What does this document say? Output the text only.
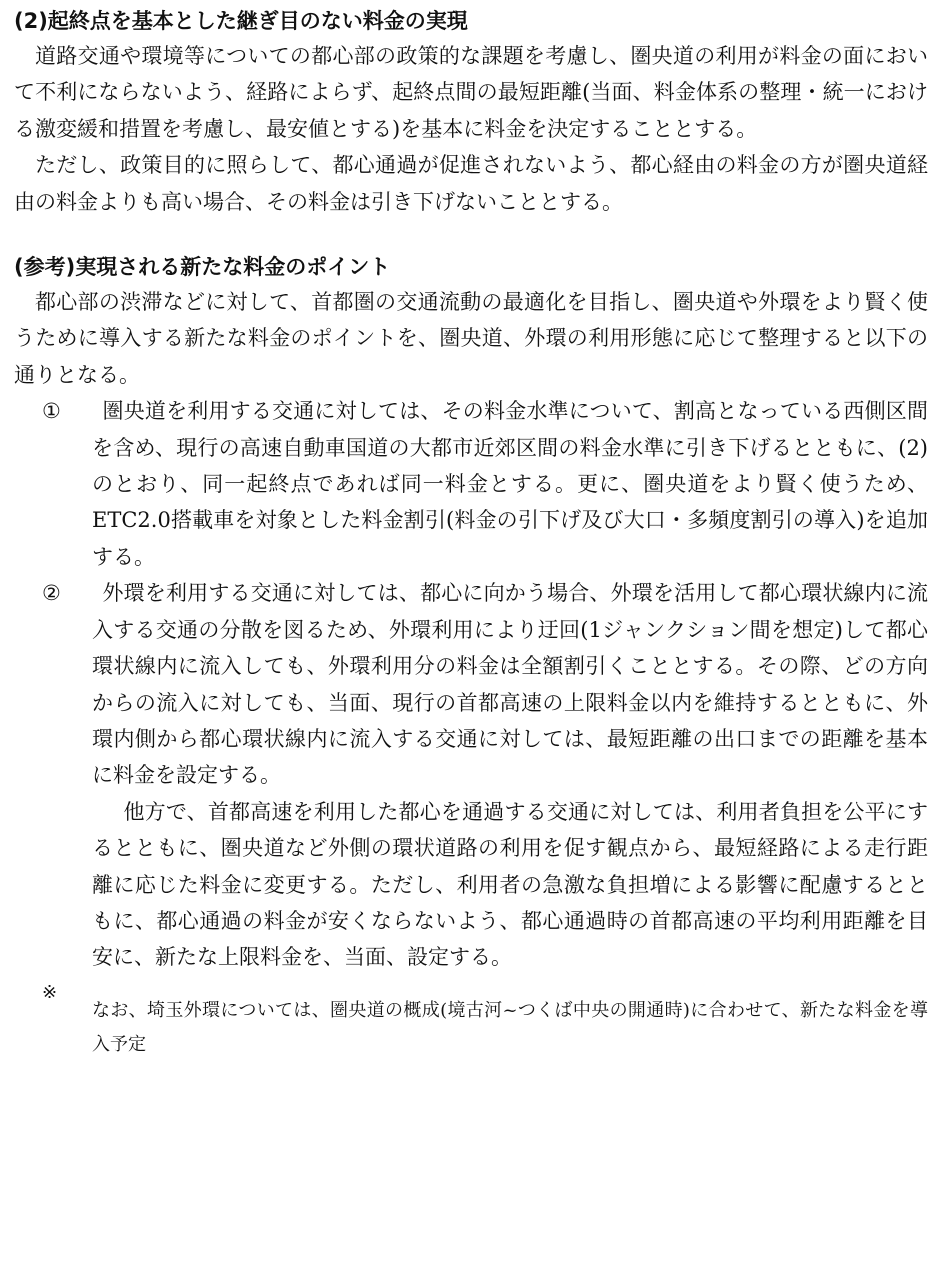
(2)起終点を基本とした継ぎ目のない料金の実現

道路交通や環境等についての都心部の政策的な課題を考慮し、圏央道の利用が料金の面において不利にならないよう、経路によらず、起終点間の最短距離(当面、料金体系の整理・統一における激変緩和措置を考慮し、最安値とする)を基本に料金を決定することとする。

ただし、政策目的に照らして、都心通過が促進されないよう、都心経由の料金の方が圏央道経由の料金よりも高い場合、その料金は引き下げないこととする。

(参考)実現される新たな料金のポイント

都心部の渋滞などに対して、首都圏の交通流動の最適化を目指し、圏央道や外環をより賢く使うために導入する新たな料金のポイントを、圏央道、外環の利用形態に応じて整理すると以下の通りとなる。

①	圏央道を利用する交通に対しては、その料金水準について、割高となっている西側区間を含め、現行の高速自動車国道の大都市近郊区間の料金水準に引き下げるとともに、(2)のとおり、同一起終点であれば同一料金とする。更に、圏央道をより賢く使うため、ETC2.0搭載車を対象とした料金割引(料金の引下げ及び大口・多頻度割引の導入)を追加する。

②	外環を利用する交通に対しては、都心に向かう場合、外環を活用して都心環状線内に流入する交通の分散を図るため、外環利用により迂回(1ジャンクション間を想定)して都心環状線内に流入しても、外環利用分の料金は全額割引くこととする。その際、どの方向からの流入に対しても、当面、現行の首都高速の上限料金以内を維持するとともに、外環内側から都心環状線内に流入する交通に対しては、最短距離の出口までの距離を基本に料金を設定する。

他方で、首都高速を利用した都心を通過する交通に対しては、利用者負担を公平にするとともに、圏央道など外側の環状道路の利用を促す観点から、最短経路による走行距離に応じた料金に変更する。ただし、利用者の急激な負担増による影響に配慮するとともに、都心通過の料金が安くならないよう、都心通過時の首都高速の平均利用距離を目安に、新たな上限料金を、当面、設定する。

※

なお、埼玉外環については、圏央道の概成(境古河~つくば中央の開通時)に合わせて、新たな料金を導入予定
